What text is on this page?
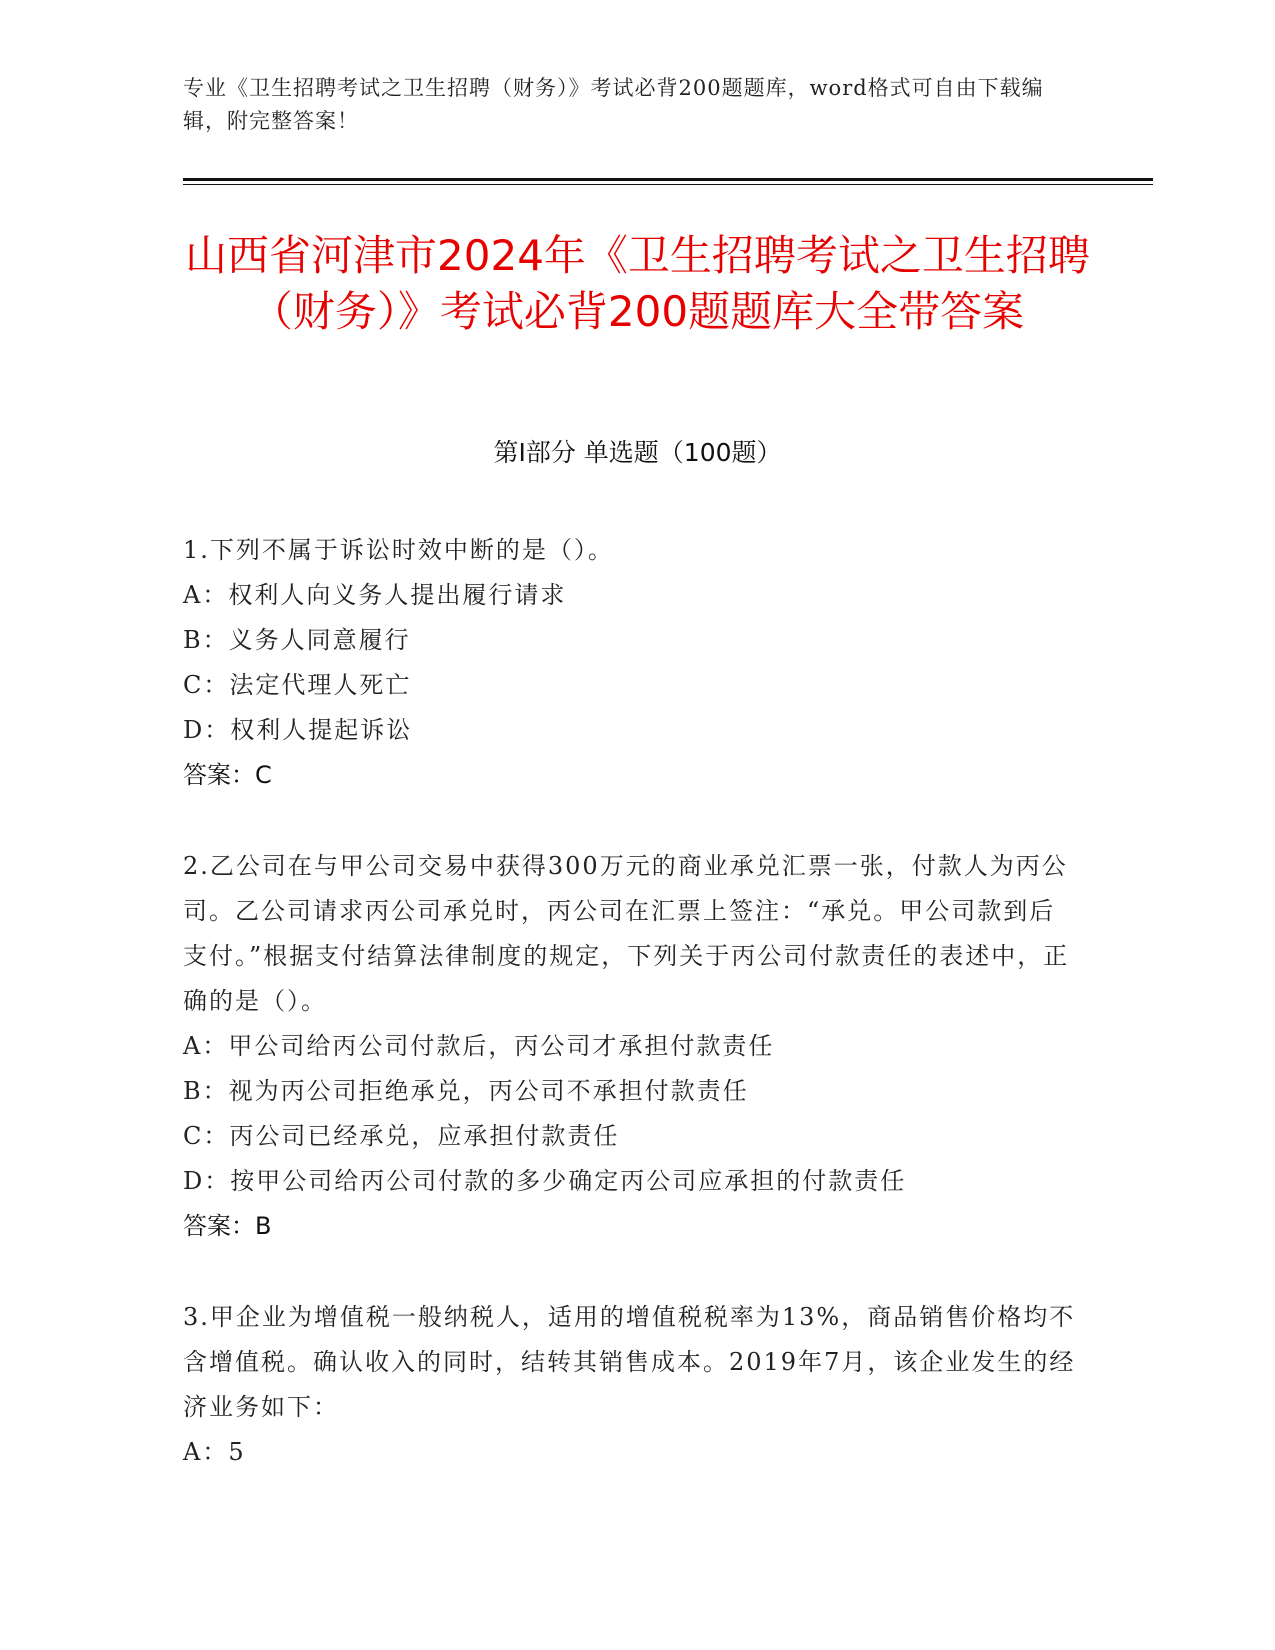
专业《卫生招聘考试之卫生招聘（财务）》考试必背200题题库，word格式可自由下载编辑，附完整答案！
山西省河津市2024年《卫生招聘考试之卫生招聘（财务）》考试必背200题题库大全带答案
第Ⅰ部分 单选题（100题）
1.下列不属于诉讼时效中断的是（）。
A：权利人向义务人提出履行请求
B：义务人同意履行
C：法定代理人死亡
D：权利人提起诉讼
答案：C
2.乙公司在与甲公司交易中获得300万元的商业承兑汇票一张，付款人为丙公司。乙公司请求丙公司承兑时，丙公司在汇票上签注：“承兑。甲公司款到后支付。”根据支付结算法律制度的规定，下列关于丙公司付款责任的表述中，正确的是（）。
A：甲公司给丙公司付款后，丙公司才承担付款责任
B：视为丙公司拒绝承兑，丙公司不承担付款责任
C：丙公司已经承兑，应承担付款责任
D：按甲公司给丙公司付款的多少确定丙公司应承担的付款责任
答案：B
3.甲企业为增值税一般纳税人，适用的增值税税率为13%，商品销售价格均不含增值税。确认收入的同时，结转其销售成本。2019年7月，该企业发生的经济业务如下：
A：5
